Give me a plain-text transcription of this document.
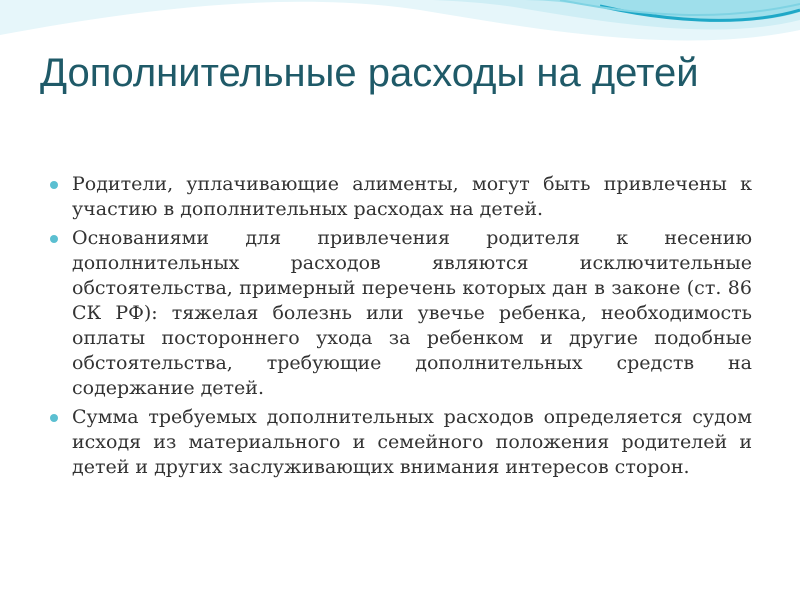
Дополнительные расходы на детей
Родители, уплачивающие алименты, могут быть привлечены к участию в дополнительных расходах на детей.
Основаниями для привлечения родителя к несению дополнительных расходов являются исключительные обстоятельства, примерный перечень которых дан в законе (ст. 86 СК РФ): тяжелая болезнь или увечье ребенка, необходимость оплаты постороннего ухода за ребенком и другие подобные обстоятельства, требующие дополнительных средств на содержание детей.
Сумма требуемых дополнительных расходов определяется судом исходя из материального и семейного положения родителей и детей и других заслуживающих внимания интересов сторон.
